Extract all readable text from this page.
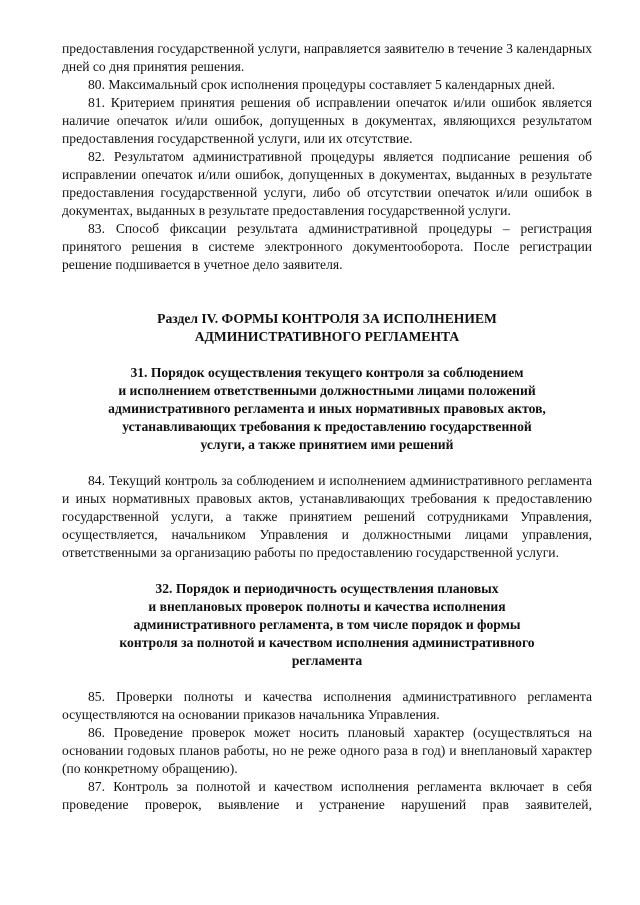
предоставления государственной услуги, направляется заявителю в течение 3 календарных дней со дня принятия решения.

80. Максимальный срок исполнения процедуры составляет 5 календарных дней.

81. Критерием принятия решения об исправлении опечаток и/или ошибок является наличие опечаток и/или ошибок, допущенных в документах, являющихся результатом предоставления государственной услуги, или их отсутствие.

82. Результатом административной процедуры является подписание решения об исправлении опечаток и/или ошибок, допущенных в документах, выданных в результате предоставления государственной услуги, либо об отсутствии опечаток и/или ошибок в документах, выданных в результате предоставления государственной услуги.

83. Способ фиксации результата административной процедуры – регистрация принятого решения в системе электронного документооборота. После регистрации решение подшивается в учетное дело заявителя.

Раздел IV. ФОРМЫ КОНТРОЛЯ ЗА ИСПОЛНЕНИЕМ
АДМИНИСТРАТИВНОГО РЕГЛАМЕНТА
31. Порядок осуществления текущего контроля за соблюдением
и исполнением ответственными должностными лицами положений
административного регламента и иных нормативных правовых актов,
устанавливающих требования к предоставлению государственной
услуги, а также принятием ими решений

84. Текущий контроль за соблюдением и исполнением административного регламента и иных нормативных правовых актов, устанавливающих требования к предоставлению государственной услуги, а также принятием решений сотрудниками Управления, осуществляется, начальником Управления и должностными лицами управления, ответственными за организацию работы по предоставлению государственной услуги.

32. Порядок и периодичность осуществления плановых
и внеплановых проверок полноты и качества исполнения
административного регламента, в том числе порядок и формы
контроля за полнотой и качеством исполнения административного
регламента

85. Проверки полноты и качества исполнения административного регламента осуществляются на основании приказов начальника Управления.

86. Проведение проверок может носить плановый характер (осуществляться на основании годовых планов работы, но не реже одного раза в год) и внеплановый характер (по конкретному обращению).

87. Контроль за полнотой и качеством исполнения регламента включает в себя проведение проверок, выявление и устранение нарушений прав заявителей,
